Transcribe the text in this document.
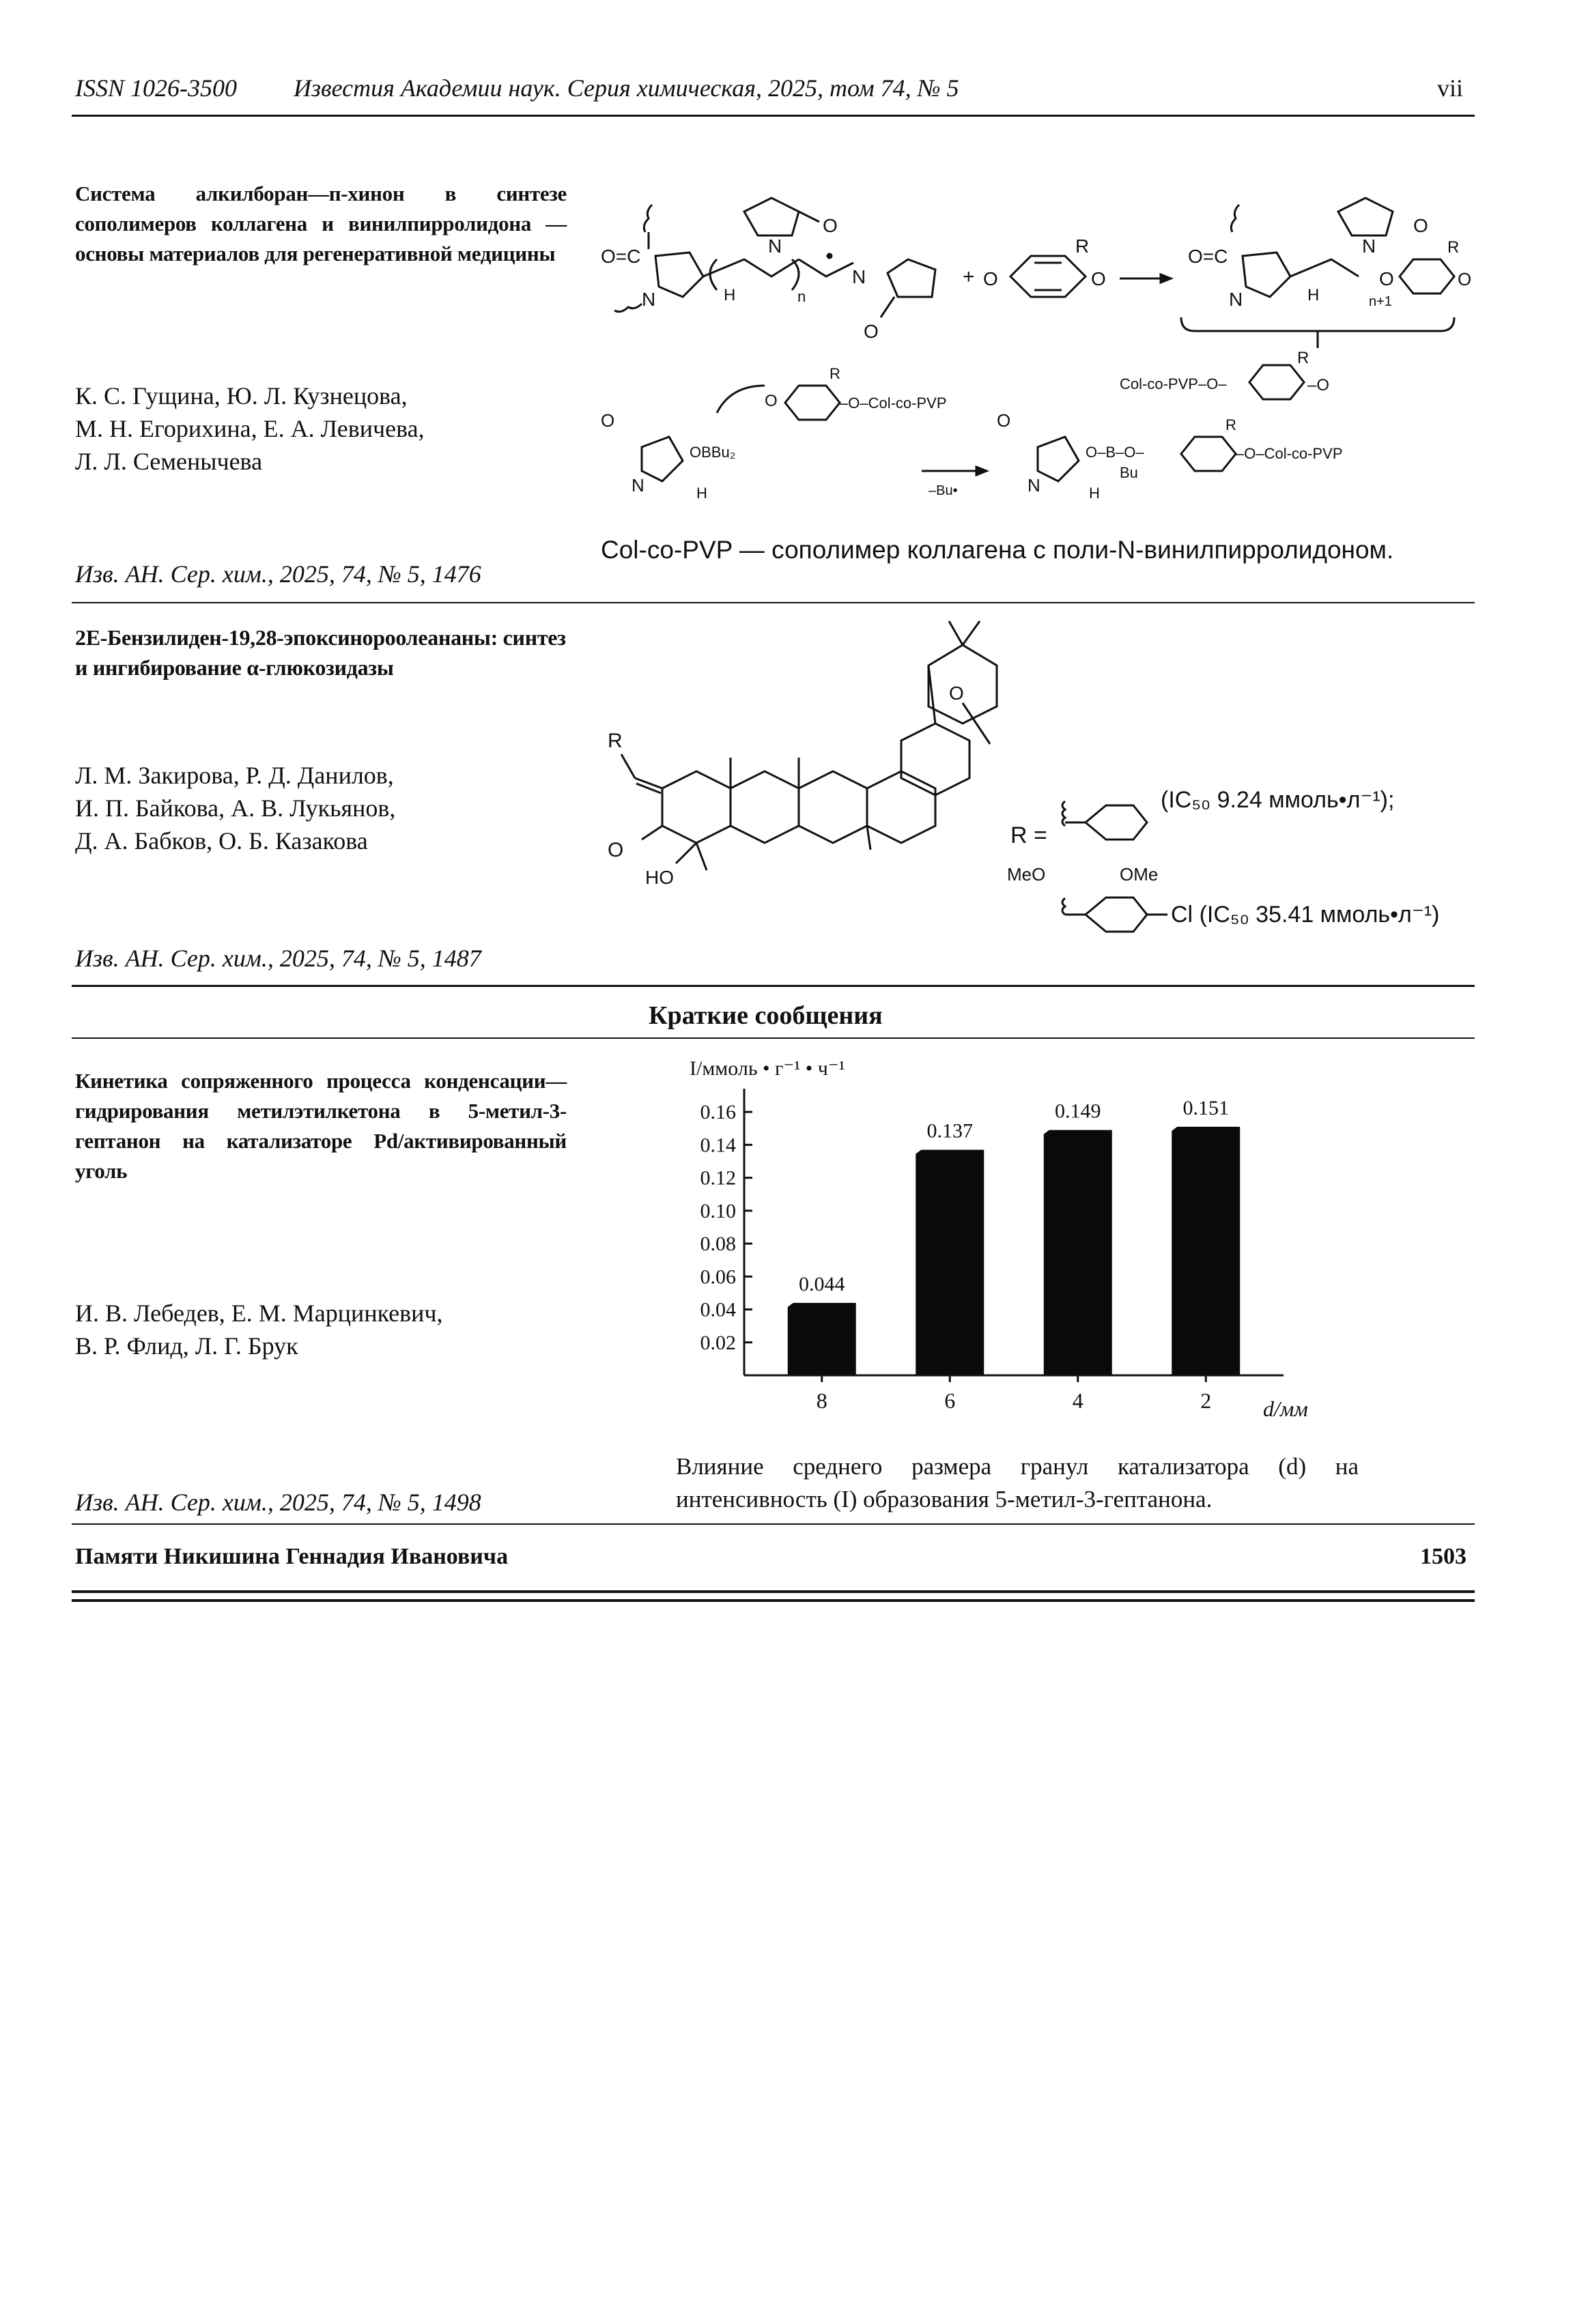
ISSN 1026-3500 Известия Академии наук. Серия химическая, 2025, том 74, № 5	vii
Система алкилборан—п-хинон в синтезе сополимеров коллагена и винилпирролидона — основы материалов для регенеративной медицины
К. С. Гущина, Ю. Л. Кузнецова,
М. Н. Егорихина, Е. А. Левичева,
Л. Л. Семенычева
Изв. АН. Сер. хим., 2025, 74, № 5, 1476
O=C
N	H	n
N
O
N
O
+ O
R
O
O=C
N	H
N
O
n+1
O
R
O
Col-co-PVP–O–
R
–O
O
N
OBBu₂
H
O
R
–O–Col-co-PVP
–Bu•
O
N
O–B–O–
Bu
H
R
–O–Col-co-PVP
Col-co-PVP — сополимер коллагена с поли-N-винилпирролидоном.
2E-Бензилиден-19,28-эпоксинороолеананы: синтез и ингибирование α-глюкозидазы
Л. М. Закирова, Р. Д. Данилов,
И. П. Байкова, А. В. Лукьянов,
Д. А. Бабков, О. Б. Казакова
Изв. АН. Сер. хим., 2025, 74, № 5, 1487
R
O
HO
O
R =
MeO	OMe
(IC₅₀ 9.24 ммоль•л⁻¹);
Cl (IC₅₀ 35.41 ммоль•л⁻¹)
Краткие сообщения
Кинетика сопряженного процесса конденсации—гидрирования метилэтилкетона в 5-метил-3-гептанон на катализаторе Pd/активированный уголь
И. В. Лебедев, Е. М. Марцинкевич,
В. Р. Флид, Л. Г. Брук
Изв. АН. Сер. хим., 2025, 74, № 5, 1498
I/ммоль • г⁻¹ • ч⁻¹
0.02
0.04
0.06
0.08
0.10
0.12
0.14
0.16
0.044
0.137
0.149	0.151
8	6	4	2 d/мм
Влияние среднего размера гранул катализатора (d) на интенсивность (I) образования 5-метил-3-гептанона.
Памяти Никишина Геннадия Ивановича	1503
